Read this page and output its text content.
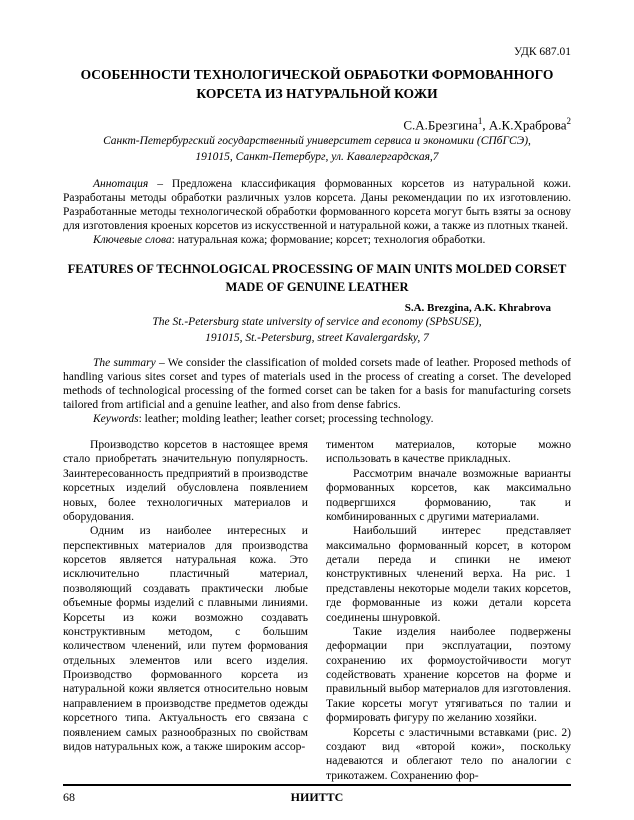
УДК 687.01
ОСОБЕННОСТИ ТЕХНОЛОГИЧЕСКОЙ ОБРАБОТКИ ФОРМОВАННОГО КОРСЕТА ИЗ НАТУРАЛЬНОЙ КОЖИ

С.А.Брезгина$^1$, А.К.Храброва$^2$

Санкт-Петербургский государственный университет сервиса и экономики (СПбГСЭ),

191015, Санкт-Петербург, ул. Кавалергардская,7

Аннотация – Предложена классификация формованных корсетов из натуральной кожи. Разработаны методы обработки различных узлов корсета. Даны рекомендации по их изготовлению. Разработанные методы технологической обработки формованного корсета могут быть взяты за основу для изготовления кроеных корсетов из искусственной и натуральной кожи, а также из плотных тканей.

Ключевые слова: натуральная кожа; формование; корсет; технология обработки.

FEATURES OF TECHNOLOGICAL PROCESSING OF MAIN UNITS MOLDED CORSET MADE OF GENUINE LEATHER

S.A. Brezgina, A.K. Khrabrova

The St.-Petersburg state university of service and economy (SPbSUSE),

191015, St.-Petersburg, street Kavalergardsky, 7

The summary – We consider the classification of molded corsets made of leather. Proposed methods of handling various sites corset and types of materials used in the process of creating a corset. The developed methods of technological processing of the formed corset can be taken for a basis for manufacturing corsets tailored from artificial and a genuine leather, and also from dense fabrics.

Keywords: leather; molding leather; leather corset; processing technology.

Производство корсетов в настоящее время стало приобретать значительную популярность. Заинтересованность предприятий в производстве корсетных изделий обусловлена появлением новых, более технологичных материалов и оборудования.

Одним из наиболее интересных и перспективных материалов для производства корсетов является натуральная кожа. Это исключительно пластичный материал, позволяющий создавать практически любые объемные формы изделий с плавными линиями. Корсеты из кожи возможно создавать конструктивным методом, с большим количеством членений, или путем формования отдельных элементов или всего изделия. Производство формованного корсета из натуральной кожи является относительно новым направлением в производстве предметов одежды корсетного типа. Актуальность его связана с появлением самых разнообразных по свойствам видов натуральных кож, а также широким ассор-

тиментом материалов, которые можно использовать в качестве прикладных.

Рассмотрим вначале возможные варианты формованных корсетов, как максимально подвергшихся формованию, так и комбинированных с другими материалами.

Наибольший интерес представляет максимально формованный корсет, в котором детали переда и спинки не имеют конструктивных членений верха. На рис. 1 представлены некоторые модели таких корсетов, где формованные из кожи детали корсета соединены шнуровкой.

Такие изделия наиболее подвержены деформации при эксплуатации, поэтому сохранению их формоустойчивости могут содействовать хранение корсетов на форме и правильный выбор материалов для изготовления. Такие корсеты могут утягиваться по талии и формировать фигуру по желанию хозяйки.

Корсеты с эластичными вставками (рис. 2) создают вид «второй кожи», поскольку надеваются и облегают тело по аналогии с трикотажем. Сохранению фор-

68	НИИТТС
